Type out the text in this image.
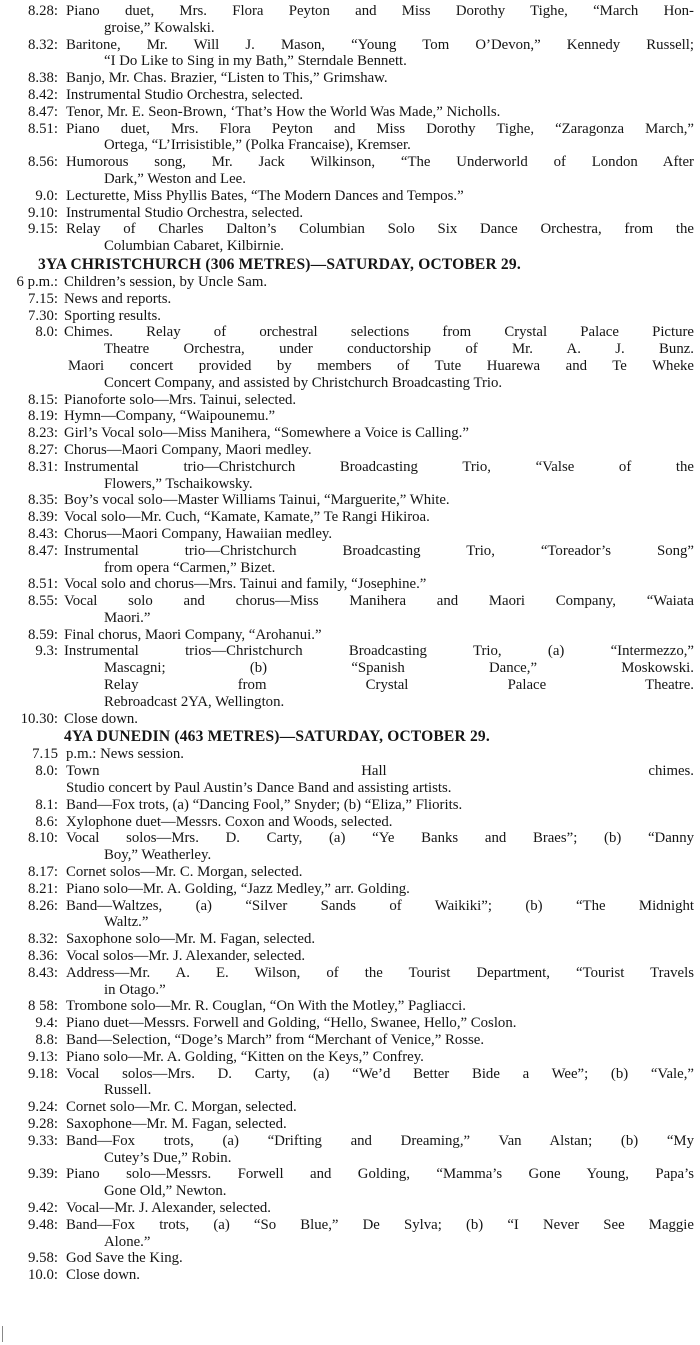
8.28: Piano duet, Mrs. Flora Peyton and Miss Dorothy Tighe, “March Hon-
groise,” Kowalski.
8.32: Baritone, Mr. Will J. Mason, “Young Tom O’Devon,” Kennedy Russell;
“I Do Like to Sing in my Bath,” Sterndale Bennett.
8.38: Banjo, Mr. Chas. Brazier, “Listen to This,” Grimshaw.
8.42: Instrumental Studio Orchestra, selected.
8.47: Tenor, Mr. E. Seon-Brown, ‘That’s How the World Was Made,” Nicholls.
8.51: Piano duet, Mrs. Flora Peyton and Miss Dorothy Tighe, “Zaragonza March,”
Ortega, “L’Irrisistible,” (Polka Francaise), Kremser.
8.56: Humorous song, Mr. Jack Wilkinson, “The Underworld of London After
Dark,” Weston and Lee.
9.0: Lecturette, Miss Phyllis Bates, “The Modern Dances and Tempos.”
9.10: Instrumental Studio Orchestra, selected.
9.15: Relay of Charles Dalton’s Columbian Solo Six Dance Orchestra, from the
Columbian Cabaret, Kilbirnie.
3YA CHRISTCHURCH (306 METRES)—SATURDAY, OCTOBER 29.
6 p.m.: Children’s session, by Uncle Sam.
7.15: News and reports.
7.30: Sporting results.
8.0: Chimes. Relay of orchestral selections from Crystal Palace Picture
Theatre Orchestra, under conductorship of Mr. A. J. Bunz.
Maori concert provided by members of Tute Huarewa and Te Wheke
Concert Company, and assisted by Christchurch Broadcasting Trio.
8.15: Pianoforte solo—Mrs. Tainui, selected.
8.19: Hymn—Company, “Waipounemu.”
8.23: Girl’s Vocal solo—Miss Manihera, “Somewhere a Voice is Calling.”
8.27: Chorus—Maori Company, Maori medley.
8.31: Instrumental trio—Christchurch Broadcasting Trio, “Valse of the
Flowers,” Tschaikowsky.
8.35: Boy’s vocal solo—Master Williams Tainui, “Marguerite,” White.
8.39: Vocal solo—Mr. Cuch, “Kamate, Kamate,” Te Rangi Hikiroa.
8.43: Chorus—Maori Company, Hawaiian medley.
8.47: Instrumental trio—Christchurch Broadcasting Trio, “Toreador’s Song”
from opera “Carmen,” Bizet.
8.51: Vocal solo and chorus—Mrs. Tainui and family, “Josephine.”
8.55: Vocal solo and chorus—Miss Manihera and Maori Company, “Waiata
Maori.”
8.59: Final chorus, Maori Company, “Arohanui.”
9.3: Instrumental trios—Christchurch Broadcasting Trio, (a) “Intermezzo,”
Mascagni; (b) “Spanish Dance,” Moskowski.
Relay from Crystal Palace Theatre.
Rebroadcast 2YA, Wellington.
10.30: Close down.
4YA DUNEDIN (463 METRES)—SATURDAY, OCTOBER 29.
7.15 p.m.: News session.
8.0: Town Hall chimes.
Studio concert by Paul Austin’s Dance Band and assisting artists.
8.1: Band—Fox trots, (a) “Dancing Fool,” Snyder; (b) “Eliza,” Fliorits.
8.6: Xylophone duet—Messrs. Coxon and Woods, selected.
8.10: Vocal solos—Mrs. D. Carty, (a) “Ye Banks and Braes”; (b) “Danny
Boy,” Weatherley.
8.17: Cornet solos—Mr. C. Morgan, selected.
8.21: Piano solo—Mr. A. Golding, “Jazz Medley,” arr. Golding.
8.26: Band—Waltzes, (a) “Silver Sands of Waikiki”; (b) “The Midnight
Waltz.”
8.32: Saxophone solo—Mr. M. Fagan, selected.
8.36: Vocal solos—Mr. J. Alexander, selected.
8.43: Address—Mr. A. E. Wilson, of the Tourist Department, “Tourist Travels
in Otago.”
8 58: Trombone solo—Mr. R. Couglan, “On With the Motley,” Pagliacci.
9.4: Piano duet—Messrs. Forwell and Golding, “Hello, Swanee, Hello,” Coslon.
8.8: Band—Selection, “Doge’s March” from “Merchant of Venice,” Rosse.
9.13: Piano solo—Mr. A. Golding, “Kitten on the Keys,” Confrey.
9.18: Vocal solos—Mrs. D. Carty, (a) “We’d Better Bide a Wee”; (b) “Vale,”
Russell.
9.24: Cornet solo—Mr. C. Morgan, selected.
9.28: Saxophone—Mr. M. Fagan, selected.
9.33: Band—Fox trots, (a) “Drifting and Dreaming,” Van Alstan; (b) “My
Cutey’s Due,” Robin.
9.39: Piano solo—Messrs. Forwell and Golding, “Mamma’s Gone Young, Papa’s
Gone Old,” Newton.
9.42: Vocal—Mr. J. Alexander, selected.
9.48: Band—Fox trots, (a) “So Blue,” De Sylva; (b) “I Never See Maggie
Alone.”
9.58: God Save the King.
10.0: Close down.
